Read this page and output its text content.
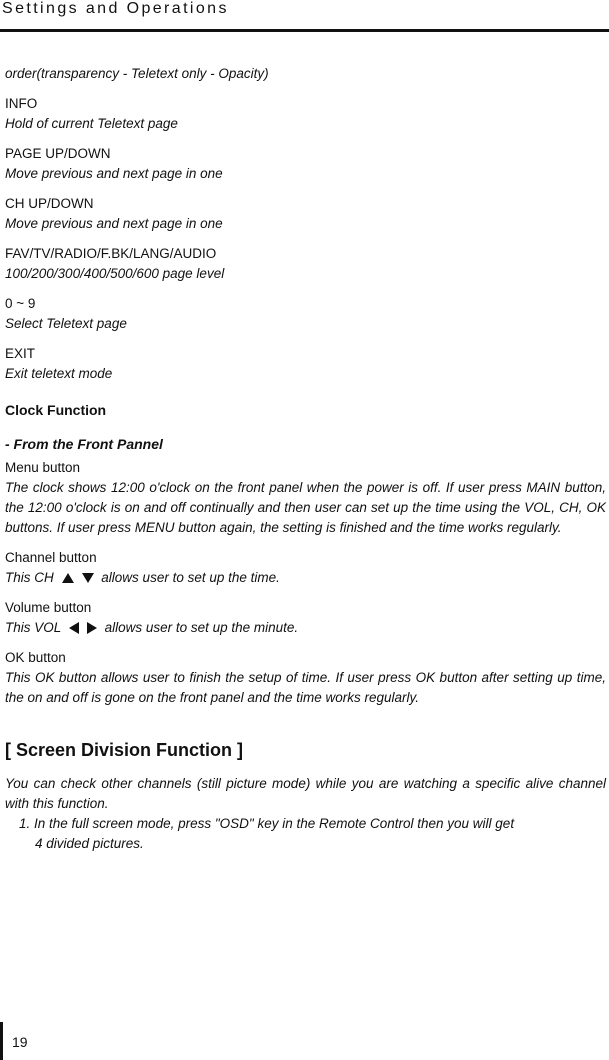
Settings and Operations
order(transparency - Teletext only - Opacity)
INFO
Hold of current Teletext page
PAGE UP/DOWN
Move previous and next page in one
CH UP/DOWN
Move previous and next page in one
FAV/TV/RADIO/F.BK/LANG/AUDIO
100/200/300/400/500/600 page level
0 ~ 9
Select Teletext page
EXIT
Exit teletext mode
Clock Function
- From the Front Pannel
Menu button
The clock shows 12:00 o'clock on the front panel when the power is off. If user press MAIN button, the 12:00 o'clock is on and off continually and then user can set up the time using the VOL, CH, OK buttons. If user press MENU button again, the setting is finished and the time works regularly.
Channel button
This CH	allows user to set up the time.
Volume button
This VOL	allows user to set up the minute.
OK button
This OK button allows user to finish the setup of time. If user press OK button after setting up time, the on and off is gone on the front panel and the time works regularly.
[ Screen Division Function ]
You can check other channels (still picture mode) while you are watching a specific alive channel with this function.
1. In the full screen mode, press "OSD" key in the Remote Control then you will get
4 divided pictures.
19
